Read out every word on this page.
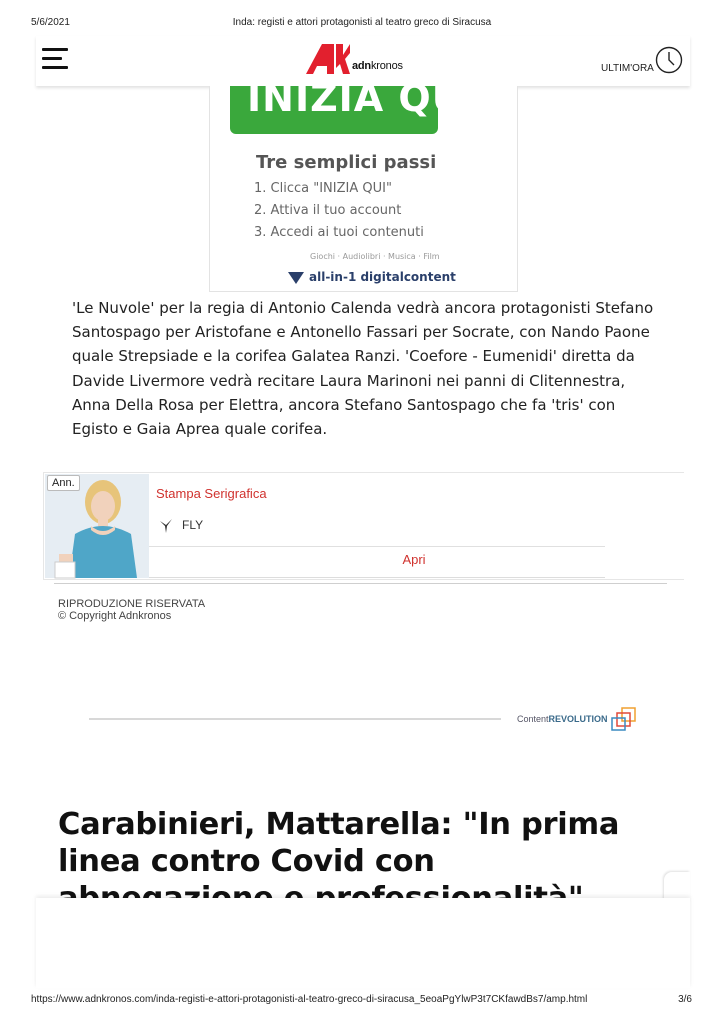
5/6/2021	Inda: registi e attori protagonisti al teatro greco di Siracusa
adnkronos	ULTIM'ORA
INIZIA QUI
Tre semplici passi
1. Clicca "INIZIA QUI"
2. Attiva il tuo account
3. Accedi ai tuoi contenuti
Giochi · Audiolibri · Musica · Film
all-in-1 digitalcontent

'Le Nuvole' per la regia di Antonio Calenda vedrà ancora protagonisti Stefano Santospago per Aristofane e Antonello Fassari per Socrate, con Nando Paone quale Strepsiade e la corifea Galatea Ranzi. 'Coefore - Eumenidi' diretta da Davide Livermore vedrà recitare Laura Marinoni nei panni di Clitennestra, Anna Della Rosa per Elettra, ancora Stefano Santospago che fa 'tris' con Egisto e Gaia Aprea quale corifea.

Ann.
Stampa Serigrafica
FLY
Apri
RIPRODUZIONE RISERVATA
© Copyright Adnkronos
ContentREVOLUTION
Carabinieri, Mattarella: "In prima linea contro Covid con
https://www.adnkronos.com/inda-registi-e-attori-protagonisti-al-teatro-greco-di-siracusa_5eoaPgYlwP3t7CKfawdBs7/amp.html	3/6
